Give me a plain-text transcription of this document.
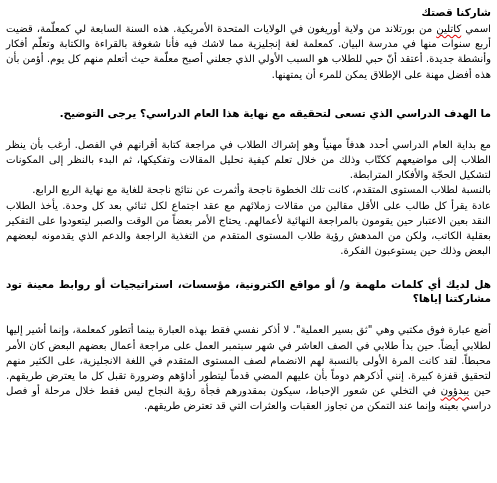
شاركنا قصتك

اسمي كاتلين من بورتلاند من ولاية أوريغون في الولايات المتحدة الأمريكية. هذه السنة السابعة لي كمعلّمة، قضيت أربع سنوات منها في مدرسة البيان. كمعلمة لغة إنجليزية مما لاشك فيه فأنا شغوفة بالقراءة والكتابة وتعلّم أفكار وأنشطة جديدة. أعتقد أنّ حبي للطلاب هو السبب الأولي الذي جعلني أصبح معلّمة حيث أتعلم منهم كل يوم. أؤمن بأن هذه أفضل مهنة على الإطلاق يمكن للمرء أن يمتهنها.

ما الهدف الدراسي الذي تسعى لتحقيقه مع نهاية هذا العام الدراسي؟ يرجى التوضيح.

مع بداية العام الدراسي أحدد هدفاً مهنياً وهو إشراك الطلاب في مراجعة كتابة أقرانهم في الفصل. أرغب بأن ينظر الطلاب إلى مواضيعهم ككتّاب وذلك من خلال تعلم كيفية تحليل المقالات وتفكيكها، ثم البدء بالنظر إلى المكونات لتشكيل الحجّة والأفكار المترابطة.

بالنسبة لطلاب المستوى المتقدم، كانت تلك الخطوة ناجحة وأثمرت عن نتائج ناجحة للغاية مع نهاية الربع الرابع.

عادة يقرأ كل طالب على الأقل مقالين من مقالات زملائهم مع عقد اجتماع لكل ثنائي بعد كل وحدة. يأخذ الطلاب النقد بعين الاعتبار حين يقومون بالمراجعة النهائية لأعمالهم. يحتاج الأمر بعضاً من الوقت والصبر ليتعودوا على التفكير بعقلية الكاتب، ولكن من المدهش رؤية طلاب المستوى المتقدم من التغذية الراجعة والدعم الذي يقدمونه لبعضهم البعض وذلك حين يستوعبون الفكرة.

هل لديك أي كلمات ملهمة و/ أو مواقع الكترونية، مؤسسات، استراتيجيات أو روابط معينة تود مشاركتنا إياها؟

أضع عبارة فوق مكتبي وهي "ثق بسير العملية". لا أذكر نفسي فقط بهذه العبارة بينما أتطور كمعلمة، وإنما أشير إليها لطلابي أيضاً. حين بدأ طلابي في الصف العاشر في شهر سبتمبر العمل على مراجعة أعمال بعضهم البعض كان الأمر محبطاً. لقد كانت المرة الأولى بالنسبة لهم الانضمام لصف المستوى المتقدم في اللغة الانجليزية، على الكثير منهم لتحقيق قفزة كبيرة. إنني أذكرهم دوماً بأن عليهم المضي قدماً ليتطور أداؤهم وضرورة تقبل كل ما يعترض طريقهم. حين يبدؤون في التخلي عن شعور الإحباط، سيكون بمقدورهم فجأة رؤية النجاح ليس فقط خلال مرحلة أو فصل دراسي بعينه وإنما عند التمكن من تجاوز العقبات والعثرات التي قد تعترض طريقهم.
